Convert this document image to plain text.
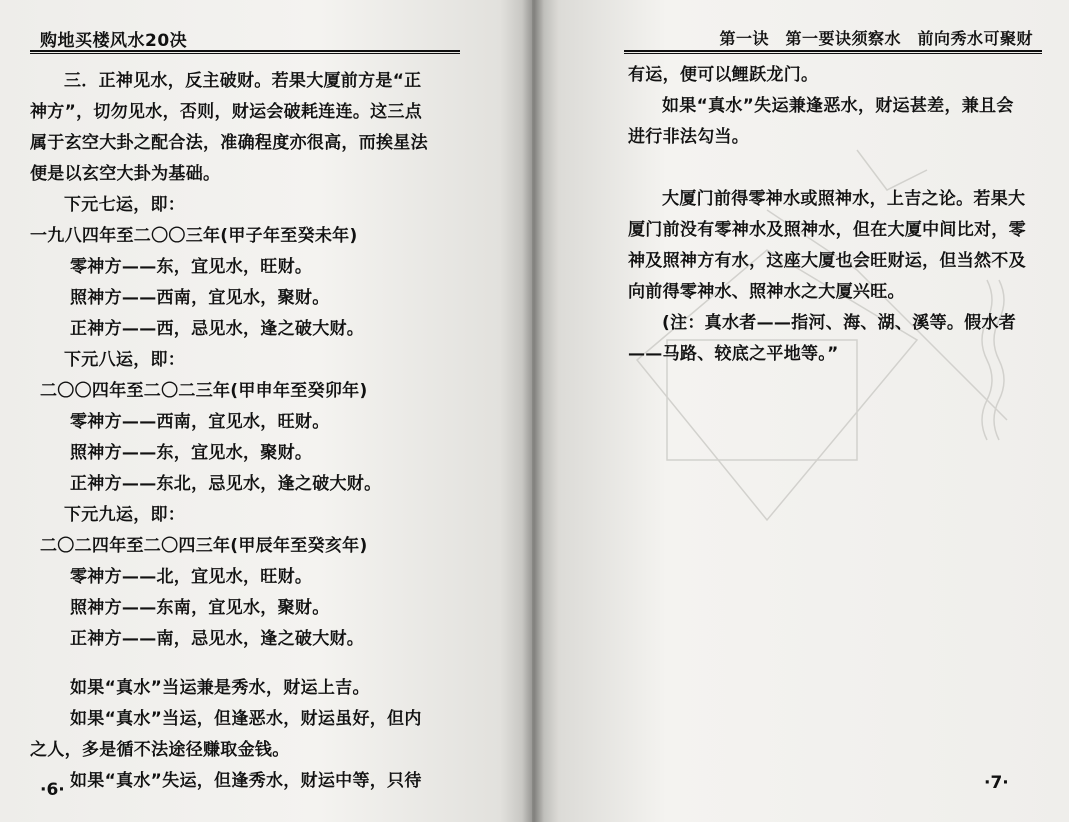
购地买楼风水20决

三．正神见水，反主破财。若果大厦前方是“正

神方”，切勿见水，否则，财运会破耗连连。这三点

属于玄空大卦之配合法，准确程度亦很高，而挨星法

便是以玄空大卦为基础。

下元七运，即：

一九八四年至二〇〇三年(甲子年至癸未年)

零神方——东，宜见水，旺财。

照神方——西南，宜见水，聚财。

正神方——西，忌见水，逢之破大财。

下元八运，即：

二〇〇四年至二〇二三年(甲申年至癸卯年)

零神方——西南，宜见水，旺财。

照神方——东，宜见水，聚财。

正神方——东北，忌见水，逢之破大财。

下元九运，即：

二〇二四年至二〇四三年(甲辰年至癸亥年)

零神方——北，宜见水，旺财。

照神方——东南，宜见水，聚财。

正神方——南，忌见水，逢之破大财。

如果“真水”当运兼是秀水，财运上吉。

如果“真水”当运，但逢恶水，财运虽好，但内

之人，多是循不法途径赚取金钱。

如果“真水”失运，但逢秀水，财运中等，只待

·6·
第一诀　第一要诀须察水　前向秀水可聚财

有运，便可以鲤跃龙门。

如果“真水”失运兼逢恶水，财运甚差，兼且会

进行非法勾当。

大厦门前得零神水或照神水，上吉之论。若果大

厦门前没有零神水及照神水，但在大厦中间比对，零

神及照神方有水，这座大厦也会旺财运，但当然不及

向前得零神水、照神水之大厦兴旺。

(注：真水者——指河、海、湖、溪等。假水者

——马路、较底之平地等。”

·7·
